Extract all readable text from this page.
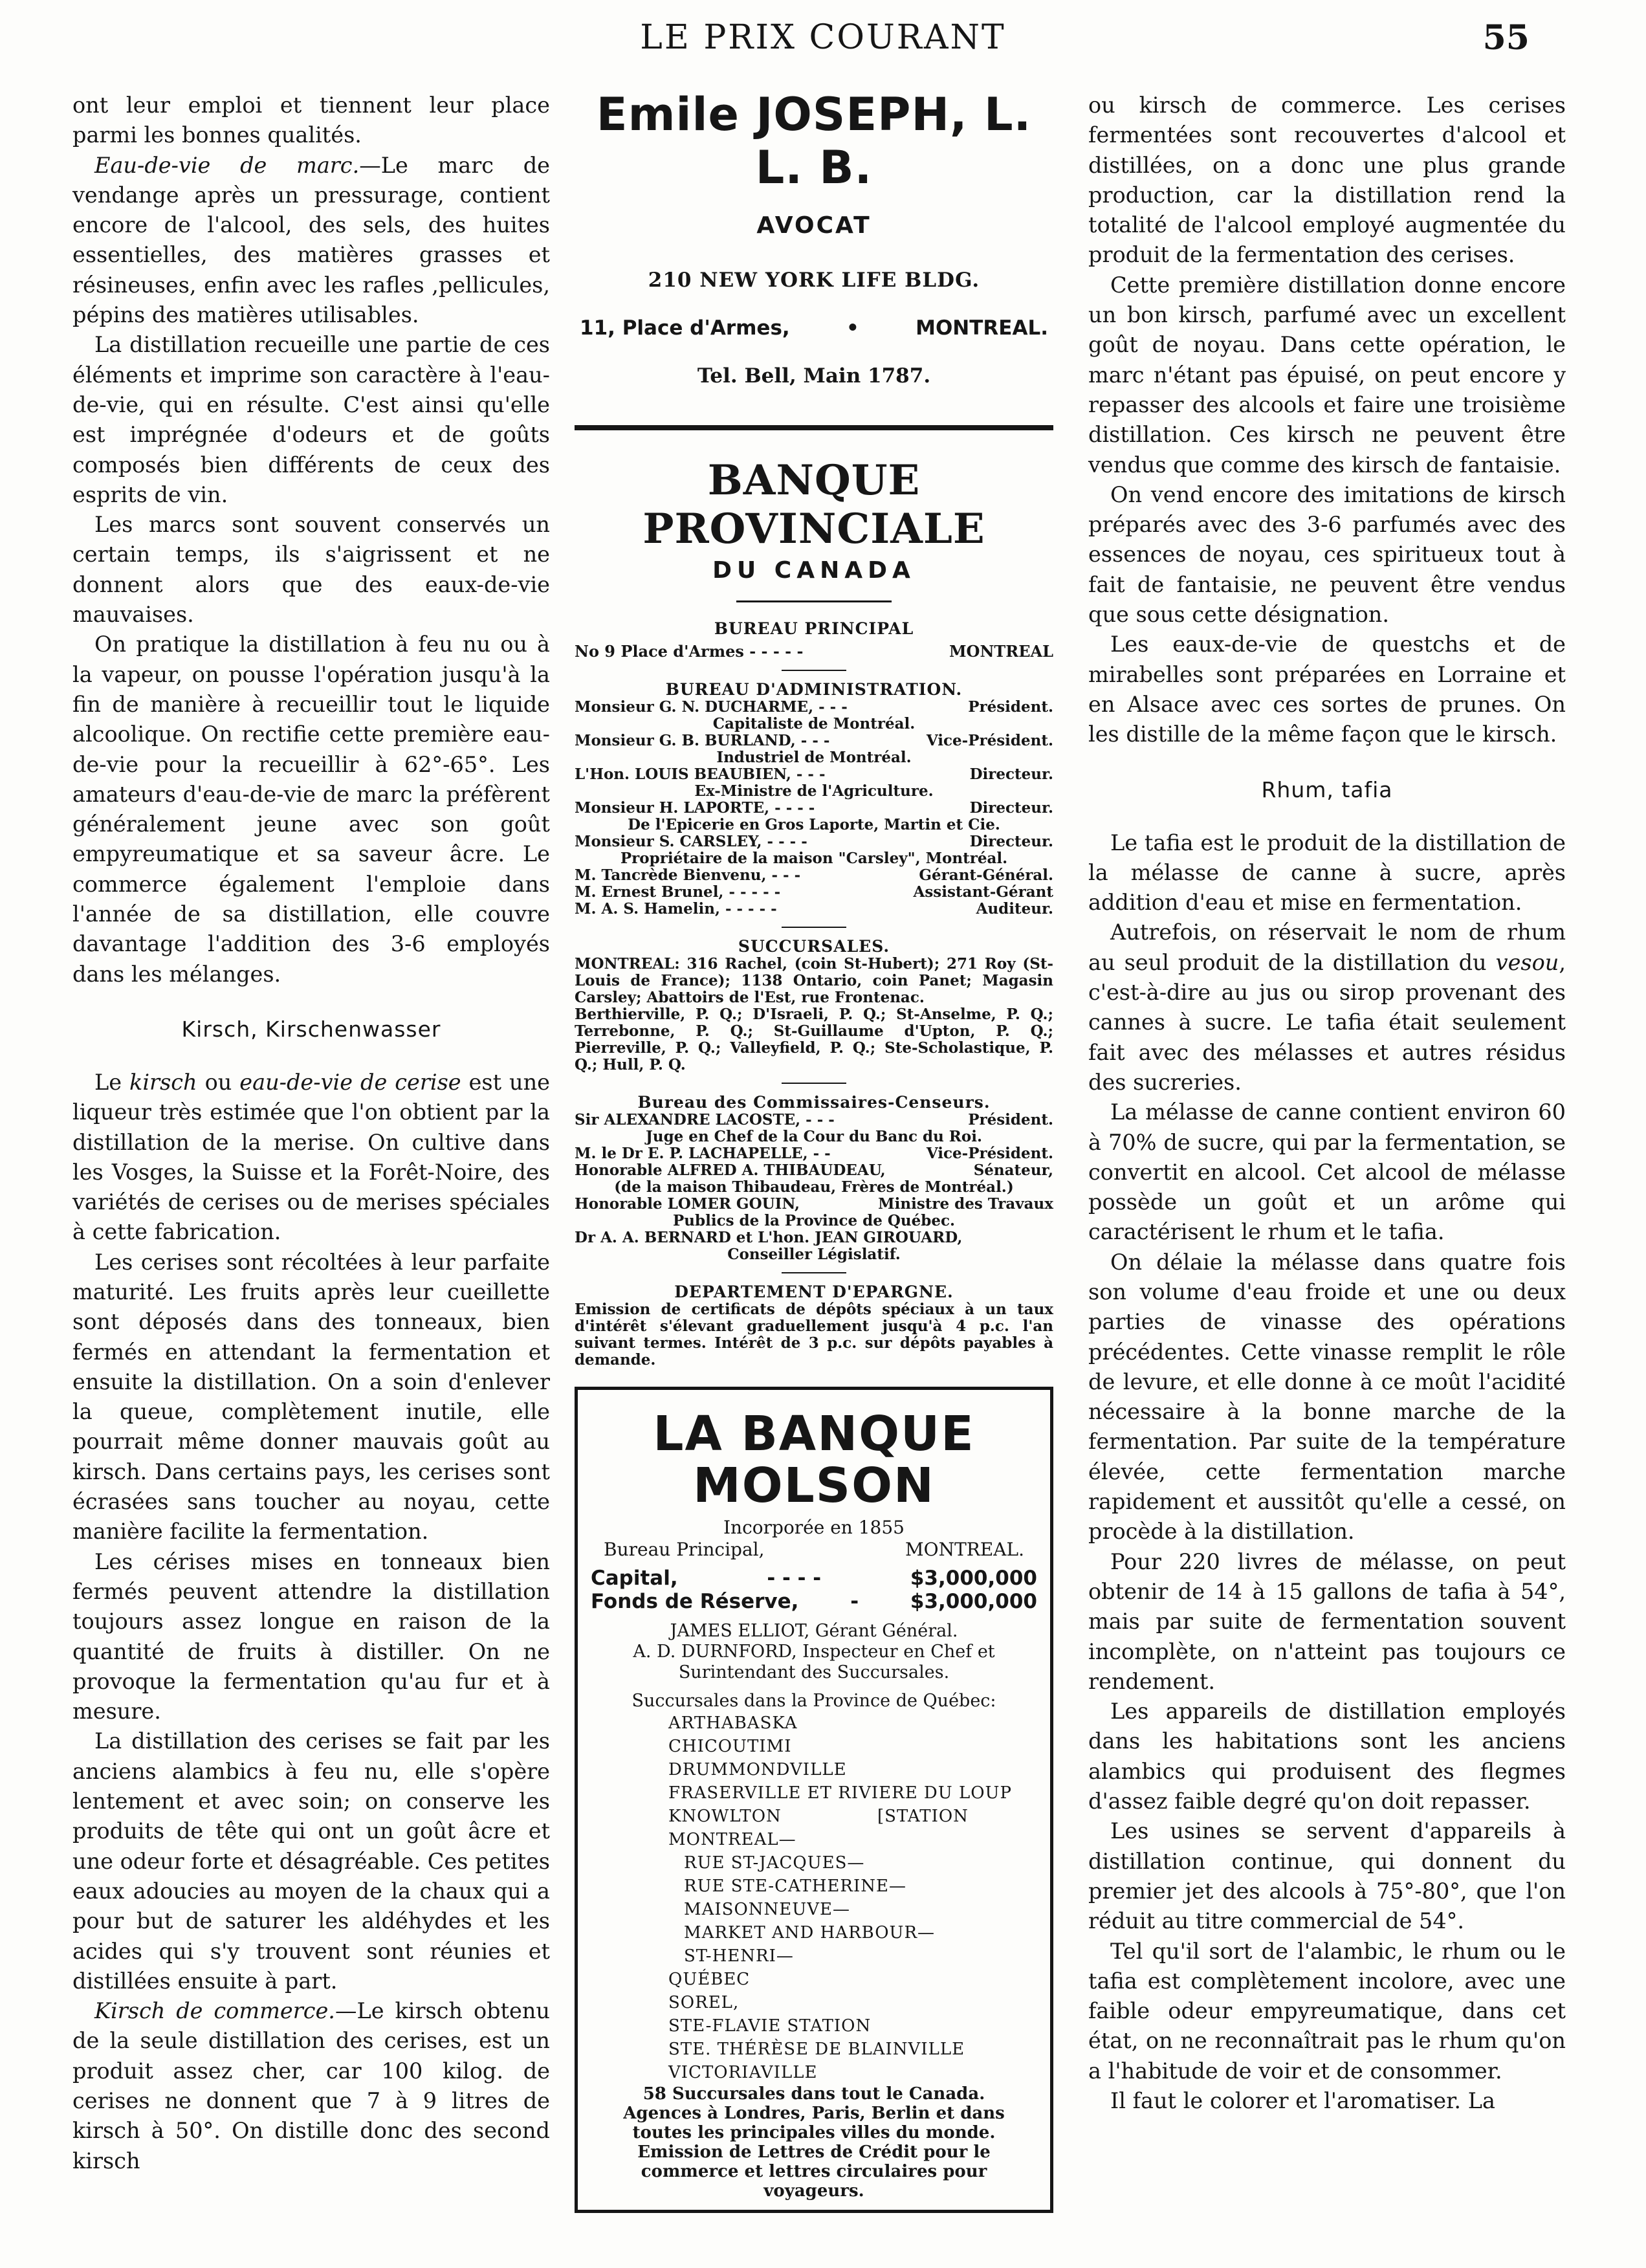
LE PRIX COURANT	55

ont leur emploi et tiennent leur place parmi les bonnes qualités.

Eau-de-vie de marc.—Le marc de vendange après un pressurage, contient encore de l'alcool, des sels, des huites essentielles, des matières grasses et résineuses, enfin avec les rafles ,pellicules, pépins des matières utilisables.

La distillation recueille une partie de ces éléments et imprime son caractère à l'eau-de-vie, qui en résulte. C'est ainsi qu'elle est imprégnée d'odeurs et de goûts composés bien différents de ceux des esprits de vin.

Les marcs sont souvent conservés un certain temps, ils s'aigrissent et ne donnent alors que des eaux-de-vie mauvaises.

On pratique la distillation à feu nu ou à la vapeur, on pousse l'opération jusqu'à la fin de manière à recueillir tout le liquide alcoolique. On rectifie cette première eau-de-vie pour la recueillir à 62°-65°. Les amateurs d'eau-de-vie de marc la préfèrent généralement jeune avec son goût empyreumatique et sa saveur âcre. Le commerce également l'emploie dans l'année de sa distillation, elle couvre davantage l'addition des 3-6 employés dans les mélanges.

Kirsch, Kirschenwasser

Le kirsch ou eau-de-vie de cerise est une liqueur très estimée que l'on obtient par la distillation de la merise. On cultive dans les Vosges, la Suisse et la Forêt-Noire, des variétés de cerises ou de merises spéciales à cette fabrication.

Les cerises sont récoltées à leur parfaite maturité. Les fruits après leur cueillette sont déposés dans des tonneaux, bien fermés en attendant la fermentation et ensuite la distillation. On a soin d'enlever la queue, complètement inutile, elle pourrait même donner mauvais goût au kirsch. Dans certains pays, les cerises sont écrasées sans toucher au noyau, cette manière facilite la fermentation.

Les cérises mises en tonneaux bien fermés peuvent attendre la distillation toujours assez longue en raison de la quantité de fruits à distiller. On ne provoque la fermentation qu'au fur et à mesure.

La distillation des cerises se fait par les anciens alambics à feu nu, elle s'opère lentement et avec soin; on conserve les produits de tête qui ont un goût âcre et une odeur forte et désagréable. Ces petites eaux adoucies au moyen de la chaux qui a pour but de saturer les aldéhydes et les acides qui s'y trouvent sont réunies et distillées ensuite à part.

Kirsch de commerce.—Le kirsch obtenu de la seule distillation des cerises, est un produit assez cher, car 100 kilog. de cerises ne donnent que 7 à 9 litres de kirsch à 50°. On distille donc des second kirsch

Emile JOSEPH, L. L. B.
AVOCAT
210 NEW YORK LIFE BLDG.
11, Place d'Armes,	•	MONTREAL.
Tel. Bell, Main 1787.
BANQUE PROVINCIALE
DU CANADA
BUREAU PRINCIPAL
No 9 Place d'Armes - - - - -	MONTREAL
BUREAU D'ADMINISTRATION.
Monsieur G. N. DUCHARME, - - -	Président.
Capitaliste de Montréal.
Monsieur G. B. BURLAND, - - -	Vice-Président.
Industriel de Montréal.
L'Hon. LOUIS BEAUBIEN, - - -	Directeur.
Ex-Ministre de l'Agriculture.
Monsieur H. LAPORTE, - - - -	Directeur.
De l'Epicerie en Gros Laporte, Martin et Cie.
Monsieur S. CARSLEY, - - - -	Directeur.
Propriétaire de la maison "Carsley", Montréal.
M. Tancrède Bienvenu, - - -	Gérant-Général.
M. Ernest Brunel, - - - - -	Assistant-Gérant
M. A. S. Hamelin, - - - - -	Auditeur.
SUCCURSALES.
MONTREAL: 316 Rachel, (coin St-Hubert); 271 Roy (St-Louis de France); 1138 Ontario, coin Panet; Magasin Carsley; Abattoirs de l'Est, rue Frontenac.
Berthierville, P. Q.; D'Israeli, P. Q.; St-Anselme, P. Q.; Terrebonne, P. Q.; St-Guillaume d'Upton, P. Q.; Pierreville, P. Q.; Valleyfield, P. Q.; Ste-Scholastique, P. Q.; Hull, P. Q.
Bureau des Commissaires-Censeurs.
Sir ALEXANDRE LACOSTE, - - -	Président.
Juge en Chef de la Cour du Banc du Roi.
M. le Dr E. P. LACHAPELLE, - -	Vice-Président.
Honorable ALFRED A. THIBAUDEAU,	Sénateur,
(de la maison Thibaudeau, Frères de Montréal.)
Honorable LOMER GOUIN,	Ministre des Travaux
Publics de la Province de Québec.
Dr A. A. BERNARD et L'hon. JEAN GIROUARD,
Conseiller Législatif.
DEPARTEMENT D'EPARGNE.
Emission de certificats de dépôts spéciaux à un taux d'intérêt s'élevant graduellement jusqu'à 4 p.c. l'an suivant termes. Intérêt de 3 p.c. sur dépôts payables à demande.
LA BANQUE MOLSON
Incorporée en 1855
Bureau Principal,	MONTREAL.
Capital,	- - - -	$3,000,000
Fonds de Réserve,	-	$3,000,000
JAMES ELLIOT, Gérant Général.
A. D. DURNFORD, Inspecteur en Chef et Surintendant des Succursales.
Succursales dans la Province de Québec:
ARTHABASKA
CHICOUTIMI
DRUMMONDVILLE
FRASERVILLE ET RIVIERE DU LOUP
KNOWLTON                [STATION
MONTREAL—
RUE ST-JACQUES—
RUE STE-CATHERINE—
MAISONNEUVE—
MARKET AND HARBOUR—
ST-HENRI—
QUÉBEC
SOREL,
STE-FLAVIE STATION
STE. THÉRÈSE DE BLAINVILLE
VICTORIAVILLE
58 Succursales dans tout le Canada.
Agences à Londres, Paris, Berlin et dans toutes les principales villes du monde.
Emission de Lettres de Crédit pour le commerce et lettres circulaires pour voyageurs.

ou kirsch de commerce. Les cerises fermentées sont recouvertes d'alcool et distillées, on a donc une plus grande production, car la distillation rend la totalité de l'alcool employé augmentée du produit de la fermentation des cerises.

Cette première distillation donne encore un bon kirsch, parfumé avec un excellent goût de noyau. Dans cette opération, le marc n'étant pas épuisé, on peut encore y repasser des alcools et faire une troisième distillation. Ces kirsch ne peuvent être vendus que comme des kirsch de fantaisie.

On vend encore des imitations de kirsch préparés avec des 3-6 parfumés avec des essences de noyau, ces spiritueux tout à fait de fantaisie, ne peuvent être vendus que sous cette désignation.

Les eaux-de-vie de questchs et de mirabelles sont préparées en Lorraine et en Alsace avec ces sortes de prunes. On les distille de la même façon que le kirsch.

Rhum, tafia

Le tafia est le produit de la distillation de la mélasse de canne à sucre, après addition d'eau et mise en fermentation.

Autrefois, on réservait le nom de rhum au seul produit de la distillation du vesou, c'est-à-dire au jus ou sirop provenant des cannes à sucre. Le tafia était seulement fait avec des mélasses et autres résidus des sucreries.

La mélasse de canne contient environ 60 à 70% de sucre, qui par la fermentation, se convertit en alcool. Cet alcool de mélasse possède un goût et un arôme qui caractérisent le rhum et le tafia.

On délaie la mélasse dans quatre fois son volume d'eau froide et une ou deux parties de vinasse des opérations précédentes. Cette vinasse remplit le rôle de levure, et elle donne à ce moût l'acidité nécessaire à la bonne marche de la fermentation. Par suite de la température élevée, cette fermentation marche rapidement et aussitôt qu'elle a cessé, on procède à la distillation.

Pour 220 livres de mélasse, on peut obtenir de 14 à 15 gallons de tafia à 54°, mais par suite de fermentation souvent incomplète, on n'atteint pas toujours ce rendement.

Les appareils de distillation employés dans les habitations sont les anciens alambics qui produisent des flegmes d'assez faible degré qu'on doit repasser.

Les usines se servent d'appareils à distillation continue, qui donnent du premier jet des alcools à 75°-80°, que l'on réduit au titre commercial de 54°.

Tel qu'il sort de l'alambic, le rhum ou le tafia est complètement incolore, avec une faible odeur empyreumatique, dans cet état, on ne reconnaîtrait pas le rhum qu'on a l'habitude de voir et de consommer.

Il faut le colorer et l'aromatiser. La
